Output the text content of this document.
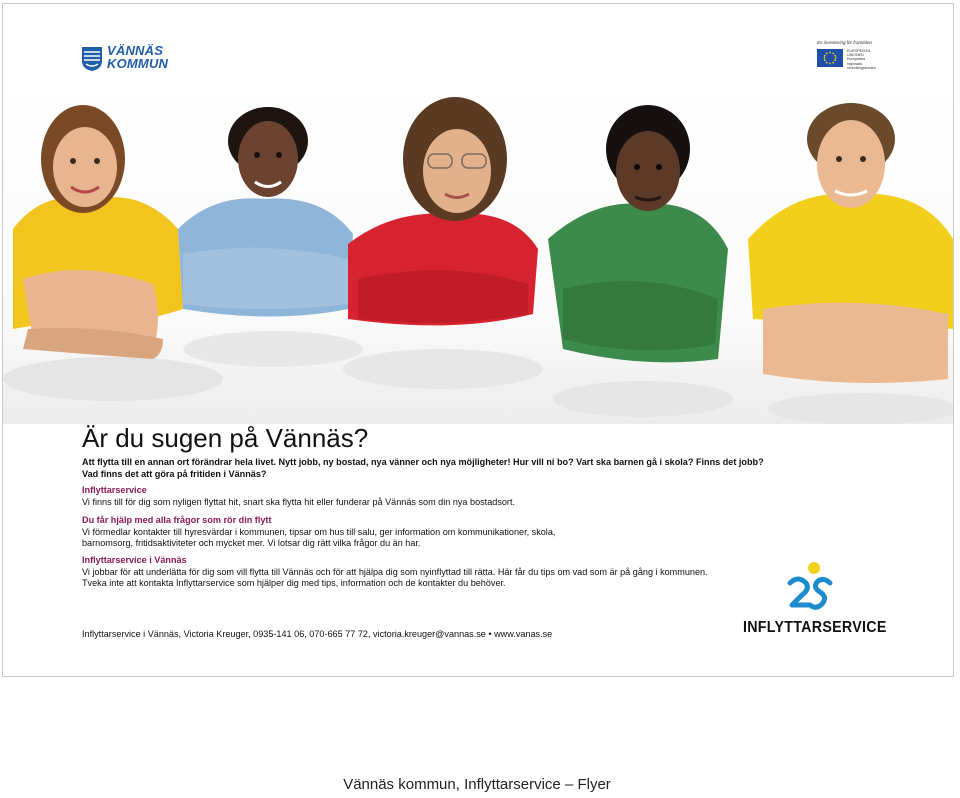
VÄNNÄS
KOMMUN
En investering för framtiden
EUROPEISKA
UNIONEN
Europeiska
regionala
utvecklingsfonden
Är du sugen på Vännäs?
Att flytta till en annan ort förändrar hela livet. Nytt jobb, ny bostad, nya vänner och nya möjligheter! Hur vill ni bo? Vart ska barnen gå i skola? Finns det jobb?
Vad finns det att göra på fritiden i Vännäs?
Inflyttarservice
Vi finns till för dig som nyligen flyttat hit, snart ska flytta hit eller funderar på Vännäs som din nya bostadsort.
Du får hjälp med alla frågor som rör din flytt
Vi förmedlar kontakter till hyresvärdar i kommunen, tipsar om hus till salu, ger information om kommunikationer, skola,
barnomsorg, fritidsaktiviteter och mycket mer. Vi lotsar dig rätt vilka frågor du än har.
Inflyttarservice i Vännäs
Vi jobbar för att underlätta för dig som vill flytta till Vännäs och för att hjälpa dig som nyinflyttad till rätta. Här får du tips om vad som är på gång i kommunen.
Tveka inte att kontakta Inflyttarservice som hjälper dig med tips, information och de kontakter du behöver.
Inflyttarservice i Vännäs, Victoria Kreuger, 0935-141 06, 070-665 77 72, victoria.kreuger@vannas.se • www.vanas.se	INFLYTTARSERVICE
Vännäs kommun, Inflyttarservice – Flyer
